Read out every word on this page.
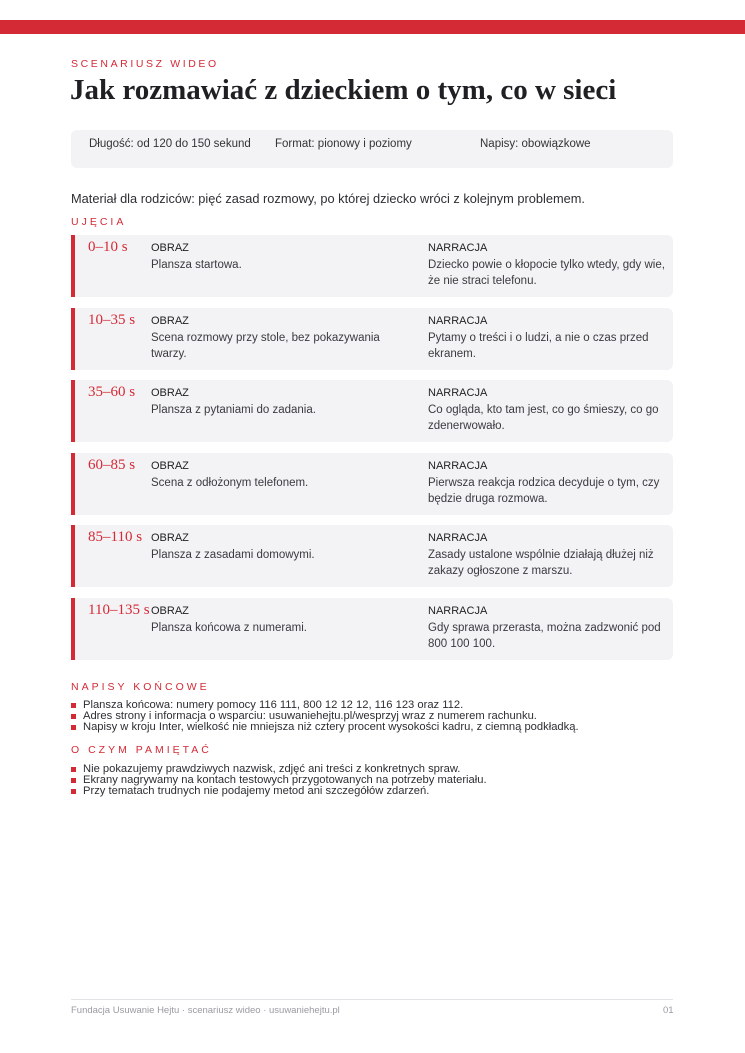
SCENARIUSZ WIDEO
Jak rozmawiać z dzieckiem o tym, co w sieci
Długość: od 120 do 150 sekund Format: pionowy i poziomy	Napisy: obowiązkowe

Materiał dla rodziców: pięć zasad rozmowy, po której dziecko wróci z kolejnym problemem.

UJĘCIA
0–10 s OBRAZ
Plansza startowa.
NARRACJA
Dziecko powie o kłopocie tylko wtedy, gdy wie, że nie straci telefonu.
10–35 s OBRAZ
Scena rozmowy przy stole, bez pokazywania twarzy.
NARRACJA
Pytamy o treści i o ludzi, a nie o czas przed ekranem.
35–60 s OBRAZ
Plansza z pytaniami do zadania.
NARRACJA
Co ogląda, kto tam jest, co go śmieszy, co go zdenerwowało.
60–85 s OBRAZ
Scena z odłożonym telefonem.
NARRACJA
Pierwsza reakcja rodzica decyduje o tym, czy będzie druga rozmowa.
85–110 s OBRAZ
Plansza z zasadami domowymi.
NARRACJA
Zasady ustalone wspólnie działają dłużej niż zakazy ogłoszone z marszu.
110–135 s OBRAZ
Plansza końcowa z numerami.
NARRACJA
Gdy sprawa przerasta, można zadzwonić pod 800 100 100.
NAPISY KOŃCOWE
Plansza końcowa: numery pomocy 116 111, 800 12 12 12, 116 123 oraz 112.
Adres strony i informacja o wsparciu: usuwaniehejtu.pl/wesprzyj wraz z numerem rachunku.
Napisy w kroju Inter, wielkość nie mniejsza niż cztery procent wysokości kadru, z ciemną podkładką.
O CZYM PAMIĘTAĆ
Nie pokazujemy prawdziwych nazwisk, zdjęć ani treści z konkretnych spraw.
Ekrany nagrywamy na kontach testowych przygotowanych na potrzeby materiału.
Przy tematach trudnych nie podajemy metod ani szczegółów zdarzeń.
Fundacja Usuwanie Hejtu · scenariusz wideo · usuwaniehejtu.pl	01
